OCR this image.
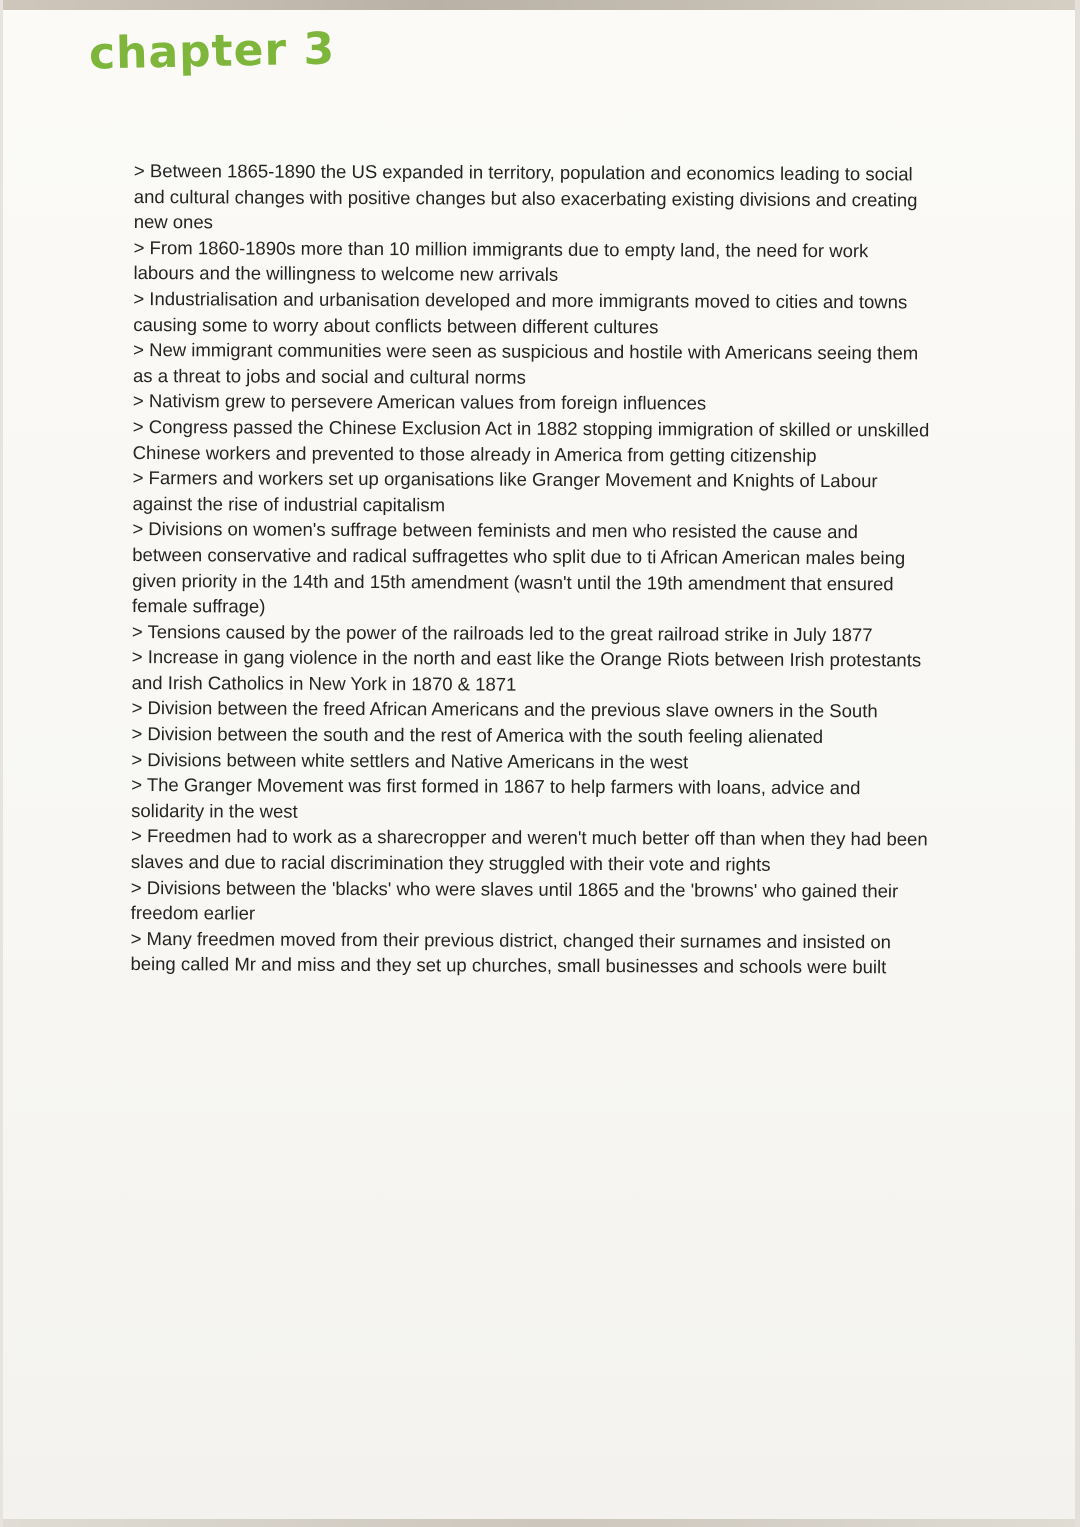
chapter 3

> Between 1865-1890 the US expanded in territory, population and economics leading to social and cultural changes with positive changes but also exacerbating existing divisions and creating new ones

> From 1860-1890s more than 10 million immigrants due to empty land, the need for work labours and the willingness to welcome new arrivals

> Industrialisation and urbanisation developed and more immigrants moved to cities and towns causing some to worry about conflicts between different cultures

> New immigrant communities were seen as suspicious and hostile with Americans seeing them as a threat to jobs and social and cultural norms

> Nativism grew to persevere American values from foreign influences

> Congress passed the Chinese Exclusion Act in 1882 stopping immigration of skilled or unskilled Chinese workers and prevented to those already in America from getting citizenship

> Farmers and workers set up organisations like Granger Movement and Knights of Labour against the rise of industrial capitalism

> Divisions on women's suffrage between feminists and men who resisted the cause and between conservative and radical suffragettes who split due to ti African American males being given priority in the 14th and 15th amendment (wasn't until the 19th amendment that ensured female suffrage)

> Tensions caused by the power of the railroads led to the great railroad strike in July 1877

> Increase in gang violence in the north and east like the Orange Riots between Irish protestants and Irish Catholics in New York in 1870 & 1871

> Division between the freed African Americans and the previous slave owners in the South

> Division between the south and the rest of America with the south feeling alienated

> Divisions between white settlers and Native Americans in the west

> The Granger Movement was first formed in 1867 to help farmers with loans, advice and solidarity in the west

> Freedmen had to work as a sharecropper and weren't much better off than when they had been slaves and due to racial discrimination they struggled with their vote and rights

> Divisions between the 'blacks' who were slaves until 1865 and the 'browns' who gained their freedom earlier

> Many freedmen moved from their previous district, changed their surnames and insisted on being called Mr and miss and they set up churches, small businesses and schools were built
